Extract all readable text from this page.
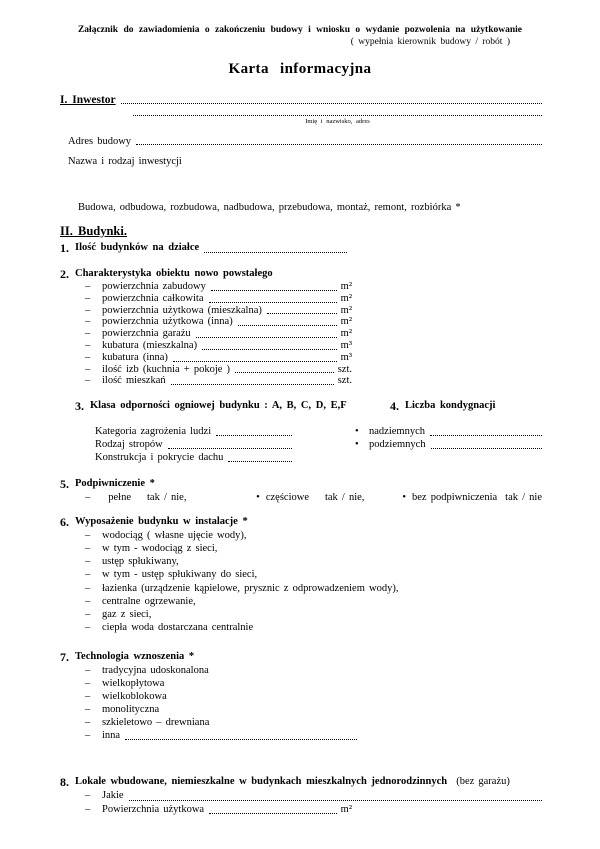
Załącznik do zawiadomienia o zakończeniu budowy i wniosku o wydanie pozwolenia na użytkowanie
( wypełnia kierownik budowy / robót )
Karta informacyjna
I. Inwestor
Imię i nazwisko, adres
Adres budowy
Nazwa i rodzaj inwestycji
Budowa, odbudowa, rozbudowa, nadbudowa, przebudowa, montaż, remont, rozbiórka *
II. Budynki.
1. Ilość budynków na działce
2. Charakterystyka obiektu nowo powstałego
–	powierzchnia zabudowy	m²
–	powierzchnia całkowita	m²
–	powierzchnia użytkowa (mieszkalna)	m²
–	powierzchnia użytkowa (inna)	m²
–	powierzchnia garażu	m²
–	kubatura (mieszkalna)	m³
–	kubatura (inna)	m³
–	ilość izb (kuchnia + pokoje )	szt.
–	ilość mieszkań	szt.
3. Klasa odporności ogniowej budynku : A, B, C, D, E,F	4. Liczba kondygnacji
Kategoria zagrożenia ludzi	• nadziemnych
Rodzaj stropów	• podziemnych
Konstrukcja i pokrycie dachu
5. Podpiwniczenie *
– pełne tak / nie,	• częściowe tak / nie,	• bez podpiwniczenia tak / nie
6. Wyposażenie budynku w instalacje *
–	wodociąg ( własne ujęcie wody),
–	w tym - wodociąg z sieci,
–	ustęp spłukiwany,
–	w tym - ustęp spłukiwany do sieci,
–	łazienka (urządzenie kąpielowe, prysznic z odprowadzeniem wody),
–	centralne ogrzewanie,
–	gaz z sieci,
–	ciepła woda dostarczana centralnie
7. Technologia wznoszenia *
–	tradycyjna udoskonalona
–	wielkopłytowa
–	wielkoblokowa
–	monolityczna
–	szkieletowo – drewniana
–	inna
8. Lokale wbudowane, niemieszkalne w budynkach mieszkalnych jednorodzinnych (bez garażu)
–	Jakie
–	Powierzchnia użytkowa	m²
